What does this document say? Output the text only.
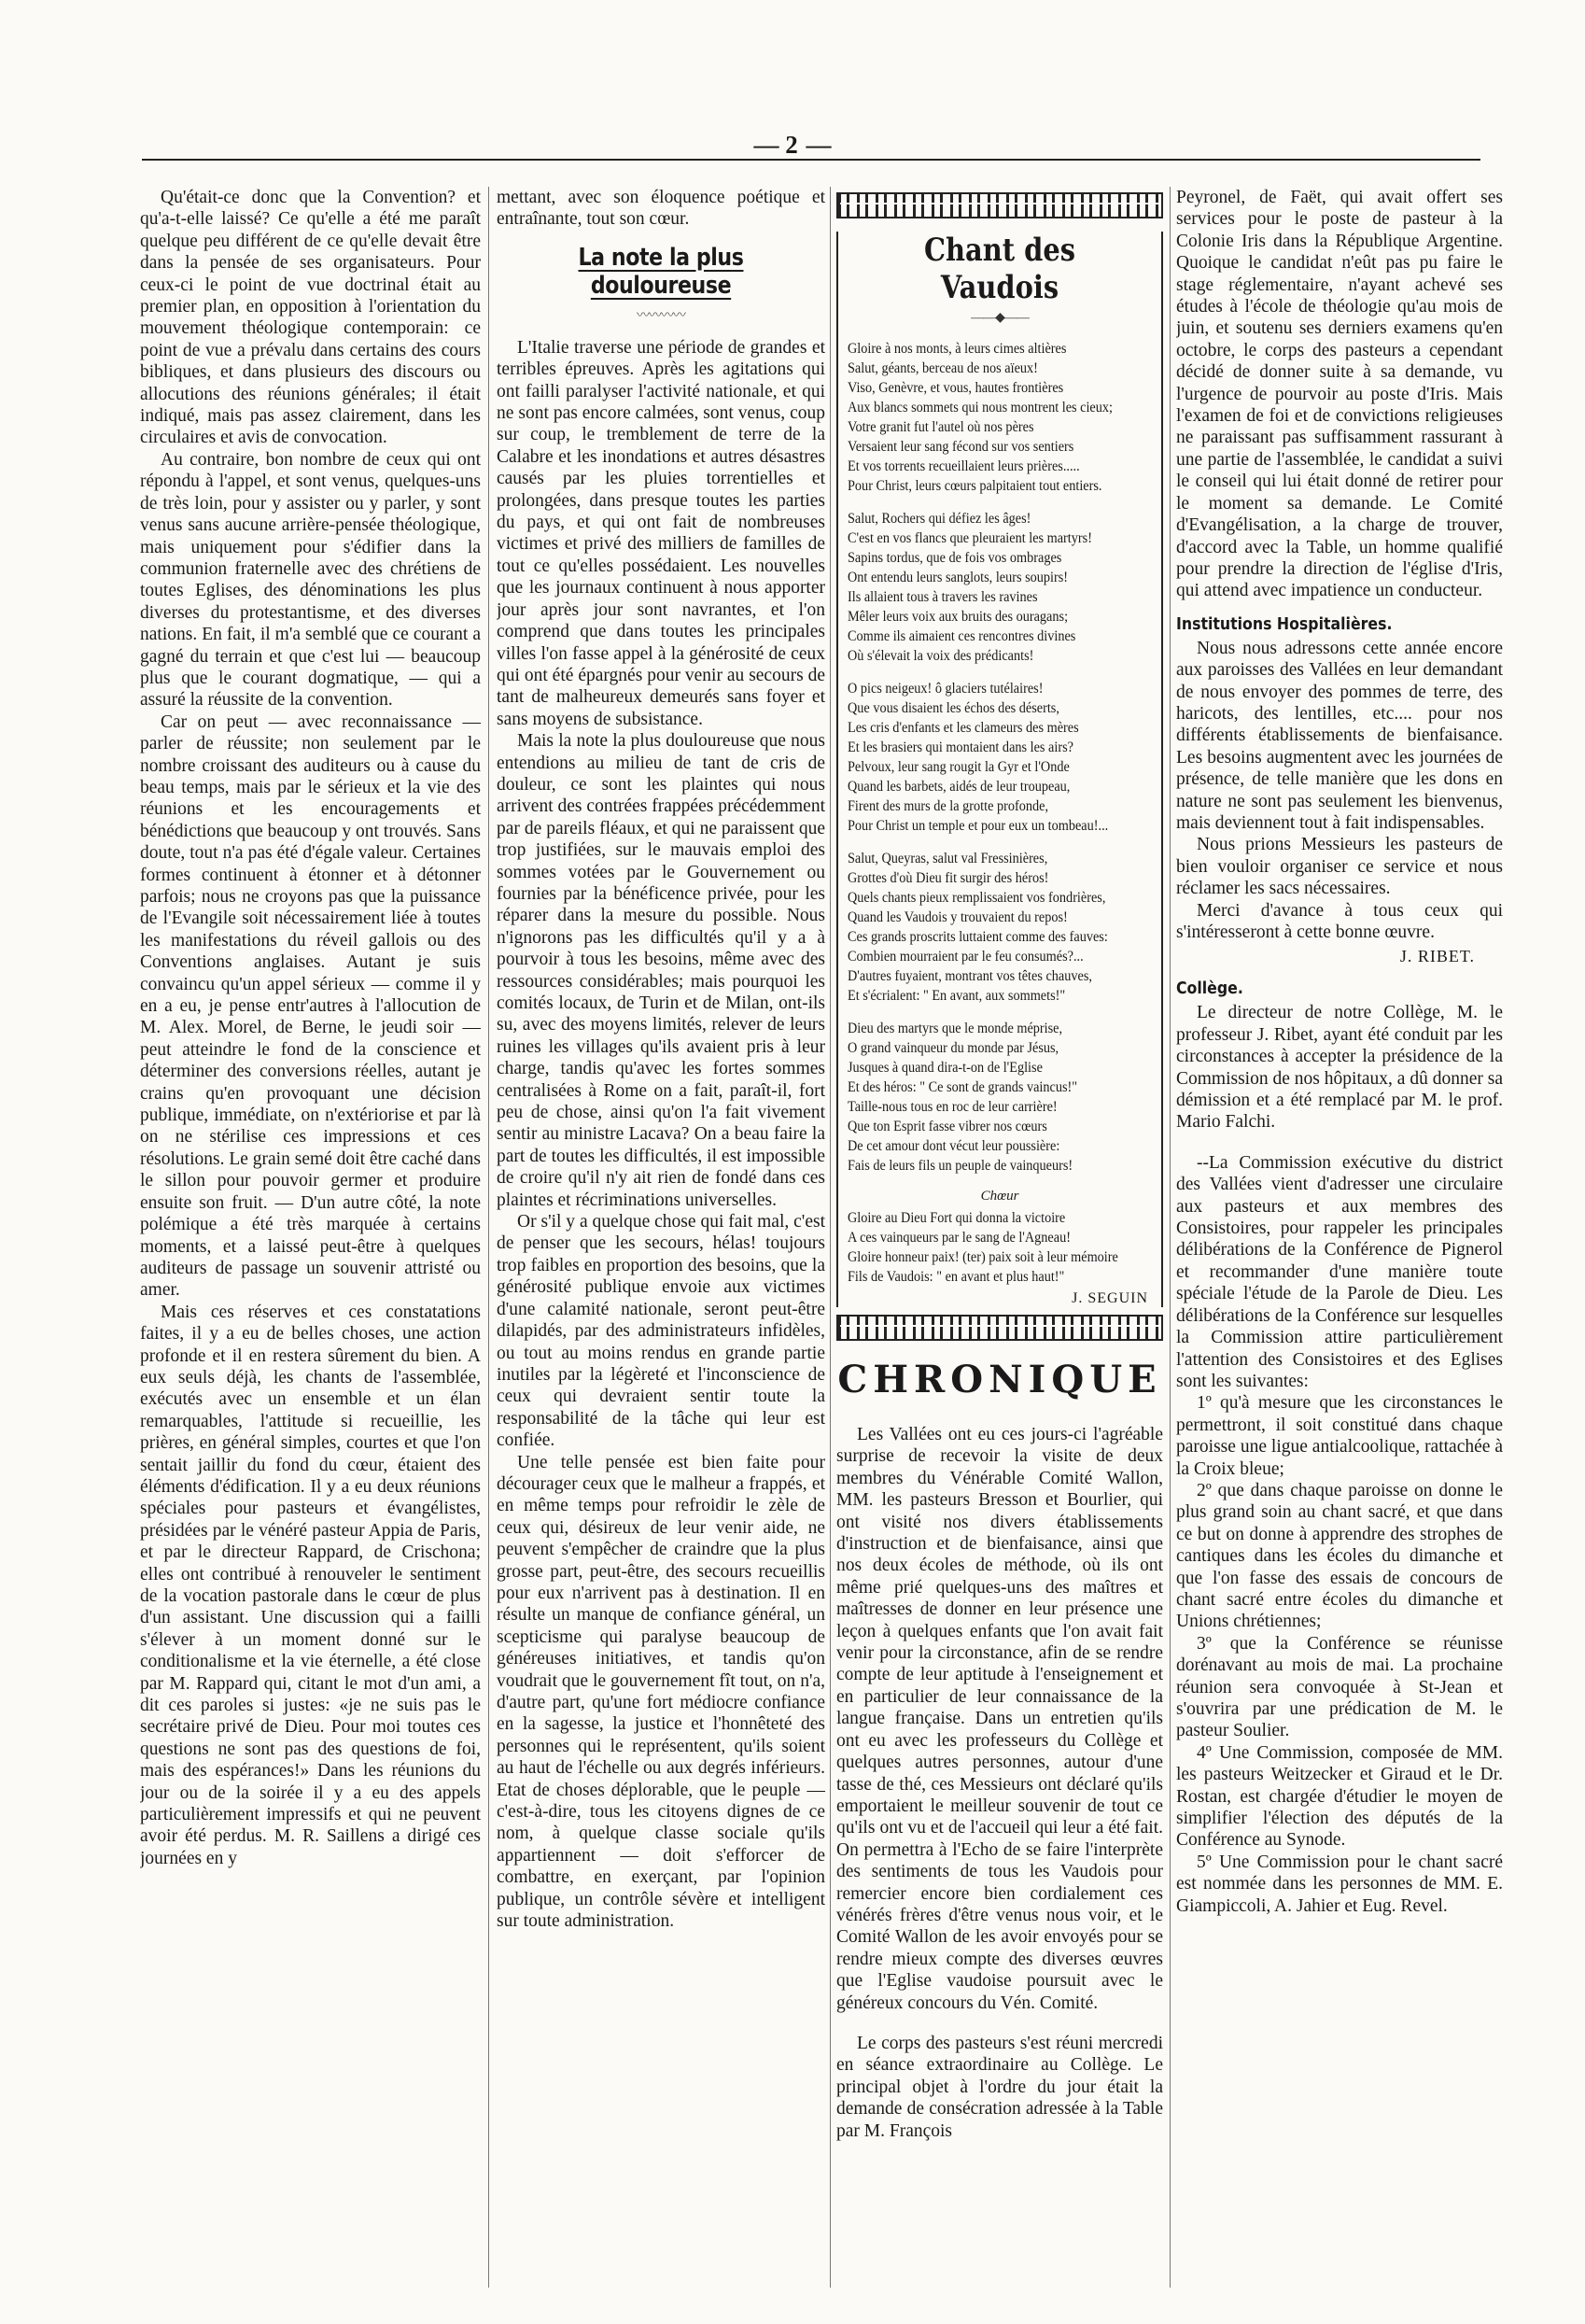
— 2 —

Qu'était-ce donc que la Convention? et qu'a-t-elle laissé? Ce qu'elle a été me paraît quelque peu différent de ce qu'elle devait être dans la pensée de ses organisateurs. Pour ceux-ci le point de vue doctrinal était au premier plan, en opposition à l'orientation du mouvement théologique contemporain: ce point de vue a prévalu dans certains des cours bibliques, et dans plusieurs des discours ou allocutions des réunions générales; il était indiqué, mais pas assez clairement, dans les circulaires et avis de convocation.

Au contraire, bon nombre de ceux qui ont répondu à l'appel, et sont venus, quelques-uns de très loin, pour y assister ou y parler, y sont venus sans aucune arrière-pensée théologique, mais uniquement pour s'édifier dans la communion fraternelle avec des chrétiens de toutes Eglises, des dénominations les plus diverses du protestantisme, et des diverses nations. En fait, il m'a semblé que ce courant a gagné du terrain et que c'est lui — beaucoup plus que le courant dogmatique, — qui a assuré la réussite de la convention.

Car on peut — avec reconnaissance — parler de réussite; non seulement par le nombre croissant des auditeurs ou à cause du beau temps, mais par le sérieux et la vie des réunions et les encouragements et bénédictions que beaucoup y ont trouvés. Sans doute, tout n'a pas été d'égale valeur. Certaines formes continuent à étonner et à détonner parfois; nous ne croyons pas que la puissance de l'Evangile soit nécessairement liée à toutes les manifestations du réveil gallois ou des Conventions anglaises. Autant je suis convaincu qu'un appel sérieux — comme il y en a eu, je pense entr'autres à l'allocution de M. Alex. Morel, de Berne, le jeudi soir — peut atteindre le fond de la conscience et déterminer des conversions réelles, autant je crains qu'en provoquant une décision publique, immédiate, on n'extériorise et par là on ne stérilise ces impressions et ces résolutions. Le grain semé doit être caché dans le sillon pour pouvoir germer et produire ensuite son fruit. — D'un autre côté, la note polémique a été très marquée à certains moments, et a laissé peut-être à quelques auditeurs de passage un souvenir attristé ou amer.

Mais ces réserves et ces constatations faites, il y a eu de belles choses, une action profonde et il en restera sûrement du bien. A eux seuls déjà, les chants de l'assemblée, exécutés avec un ensemble et un élan remarquables, l'attitude si recueillie, les prières, en général simples, courtes et que l'on sentait jaillir du fond du cœur, étaient des éléments d'édification. Il y a eu deux réunions spéciales pour pasteurs et évangélistes, présidées par le vénéré pasteur Appia de Paris, et par le directeur Rappard, de Crischona; elles ont contribué à renouveler le sentiment de la vocation pastorale dans le cœur de plus d'un assistant. Une discussion qui a failli s'élever à un moment donné sur le conditionalisme et la vie éternelle, a été close par M. Rappard qui, citant le mot d'un ami, a dit ces paroles si justes: «je ne suis pas le secrétaire privé de Dieu. Pour moi toutes ces questions ne sont pas des questions de foi, mais des espérances!» Dans les réunions du jour ou de la soirée il y a eu des appels particulièrement impressifs et qui ne peuvent avoir été perdus. M. R. Saillens a dirigé ces journées en y

mettant, avec son éloquence poétique et entraînante, tout son cœur.

La note la plus douloureuse
〰〰〰〰

L'Italie traverse une période de grandes et terribles épreuves. Après les agitations qui ont failli paralyser l'activité nationale, et qui ne sont pas encore calmées, sont venus, coup sur coup, le tremblement de terre de la Calabre et les inondations et autres désastres causés par les pluies torrentielles et prolongées, dans presque toutes les parties du pays, et qui ont fait de nombreuses victimes et privé des milliers de familles de tout ce qu'elles possédaient. Les nouvelles que les journaux continuent à nous apporter jour après jour sont navrantes, et l'on comprend que dans toutes les principales villes l'on fasse appel à la générosité de ceux qui ont été épargnés pour venir au secours de tant de malheureux demeurés sans foyer et sans moyens de subsistance.

Mais la note la plus douloureuse que nous entendions au milieu de tant de cris de douleur, ce sont les plaintes qui nous arrivent des contrées frappées précédemment par de pareils fléaux, et qui ne paraissent que trop justifiées, sur le mauvais emploi des sommes votées par le Gouvernement ou fournies par la bénéficence privée, pour les réparer dans la mesure du possible. Nous n'ignorons pas les difficultés qu'il y a à pourvoir à tous les besoins, même avec des ressources considérables; mais pourquoi les comités locaux, de Turin et de Milan, ont-ils su, avec des moyens limités, relever de leurs ruines les villages qu'ils avaient pris à leur charge, tandis qu'avec les fortes sommes centralisées à Rome on a fait, paraît-il, fort peu de chose, ainsi qu'on l'a fait vivement sentir au ministre Lacava? On a beau faire la part de toutes les difficultés, il est impossible de croire qu'il n'y ait rien de fondé dans ces plaintes et récriminations universelles.

Or s'il y a quelque chose qui fait mal, c'est de penser que les secours, hélas! toujours trop faibles en proportion des besoins, que la générosité publique envoie aux victimes d'une calamité nationale, seront peut-être dilapidés, par des administrateurs infidèles, ou tout au moins rendus en grande partie inutiles par la légèreté et l'inconscience de ceux qui devraient sentir toute la responsabilité de la tâche qui leur est confiée.

Une telle pensée est bien faite pour décourager ceux que le malheur a frappés, et en même temps pour refroidir le zèle de ceux qui, désireux de leur venir aide, ne peuvent s'empêcher de craindre que la plus grosse part, peut-être, des secours recueillis pour eux n'arrivent pas à destination. Il en résulte un manque de confiance général, un scepticisme qui paralyse beaucoup de généreuses initiatives, et tandis qu'on voudrait que le gouvernement fît tout, on n'a, d'autre part, qu'une fort médiocre confiance en la sagesse, la justice et l'honnêteté des personnes qui le représentent, qu'ils soient au haut de l'échelle ou aux degrés inférieurs. Etat de choses déplorable, que le peuple — c'est-à-dire, tous les citoyens dignes de ce nom, à quelque classe sociale qu'ils appartiennent — doit s'efforcer de combattre, en exerçant, par l'opinion publique, un contrôle sévère et intelligent sur toute administration.

Chant des Vaudois
——◆——
Gloire à nos monts, à leurs cimes altières
Salut, géants, berceau de nos aïeux!
Viso, Genèvre, et vous, hautes frontières
Aux blancs sommets qui nous montrent les cieux;
Votre granit fut l'autel où nos pères
Versaient leur sang fécond sur vos sentiers
Et vos torrents recueillaient leurs prières.....
Pour Christ, leurs cœurs palpitaient tout entiers.
Salut, Rochers qui défiez les âges!
C'est en vos flancs que pleuraient les martyrs!
Sapins tordus, que de fois vos ombrages
Ont entendu leurs sanglots, leurs soupirs!
Ils allaient tous à travers les ravines
Mêler leurs voix aux bruits des ouragans;
Comme ils aimaient ces rencontres divines
Où s'élevait la voix des prédicants!
O pics neigeux! ô glaciers tutélaires!
Que vous disaient les échos des déserts,
Les cris d'enfants et les clameurs des mères
Et les brasiers qui montaient dans les airs?
Pelvoux, leur sang rougit la Gyr et l'Onde
Quand les barbets, aidés de leur troupeau,
Firent des murs de la grotte profonde,
Pour Christ un temple et pour eux un tombeau!...
Salut, Queyras, salut val Fressinières,
Grottes d'où Dieu fit surgir des héros!
Quels chants pieux remplissaient vos fondrières,
Quand les Vaudois y trouvaient du repos!
Ces grands proscrits luttaient comme des fauves:
Combien mourraient par le feu consumés?...
D'autres fuyaient, montrant vos têtes chauves,
Et s'écrialent: " En avant, aux sommets!"
Dieu des martyrs que le monde méprise,
O grand vainqueur du monde par Jésus,
Jusques à quand dira-t-on de l'Eglise
Et des héros: " Ce sont de grands vaincus!"
Taille-nous tous en roc de leur carrière!
Que ton Esprit fasse vibrer nos cœurs
De cet amour dont vécut leur poussière:
Fais de leurs fils un peuple de vainqueurs!
Chœur
Gloire au Dieu Fort qui donna la victoire
A ces vainqueurs par le sang de l'Agneau!
Gloire honneur paix! (ter) paix soit à leur mémoire
Fils de Vaudois: " en avant et plus haut!"
J. SEGUIN
CHRONIQUE

Les Vallées ont eu ces jours-ci l'agréable surprise de recevoir la visite de deux membres du Vénérable Comité Wallon, MM. les pasteurs Bresson et Bourlier, qui ont visité nos divers établissements d'instruction et de bienfaisance, ainsi que nos deux écoles de méthode, où ils ont même prié quelques-uns des maîtres et maîtresses de donner en leur présence une leçon à quelques enfants que l'on avait fait venir pour la circonstance, afin de se rendre compte de leur aptitude à l'enseignement et en particulier de leur connaissance de la langue française. Dans un entretien qu'ils ont eu avec les professeurs du Collège et quelques autres personnes, autour d'une tasse de thé, ces Messieurs ont déclaré qu'ils emportaient le meilleur souvenir de tout ce qu'ils ont vu et de l'accueil qui leur a été fait. On permettra à l'Echo de se faire l'interprète des sentiments de tous les Vaudois pour remercier encore bien cordialement ces vénérés frères d'être venus nous voir, et le Comité Wallon de les avoir envoyés pour se rendre mieux compte des diverses œuvres que l'Eglise vaudoise poursuit avec le généreux concours du Vén. Comité.

Le corps des pasteurs s'est réuni mercredi en séance extraordinaire au Collège. Le principal objet à l'ordre du jour était la demande de consécration adressée à la Table par M. François

Peyronel, de Faët, qui avait offert ses services pour le poste de pasteur à la Colonie Iris dans la République Argentine. Quoique le candidat n'eût pas pu faire le stage réglementaire, n'ayant achevé ses études à l'école de théologie qu'au mois de juin, et soutenu ses derniers examens qu'en octobre, le corps des pasteurs a cependant décidé de donner suite à sa demande, vu l'urgence de pourvoir au poste d'Iris. Mais l'examen de foi et de convictions religieuses ne paraissant pas suffisamment rassurant à une partie de l'assemblée, le candidat a suivi le conseil qui lui était donné de retirer pour le moment sa demande. Le Comité d'Evangélisation, a la charge de trouver, d'accord avec la Table, un homme qualifié pour prendre la direction de l'église d'Iris, qui attend avec impatience un conducteur.

Institutions Hospitalières.

Nous nous adressons cette année encore aux paroisses des Vallées en leur demandant de nous envoyer des pommes de terre, des haricots, des lentilles, etc.... pour nos différents établissements de bienfaisance. Les besoins augmentent avec les journées de présence, de telle manière que les dons en nature ne sont pas seulement les bienvenus, mais deviennent tout à fait indispensables.

Nous prions Messieurs les pasteurs de bien vouloir organiser ce service et nous réclamer les sacs nécessaires.

Merci d'avance à tous ceux qui s'intéresseront à cette bonne œuvre.

J. RIBET.
Collège.

Le directeur de notre Collège, M. le professeur J. Ribet, ayant été conduit par les circonstances à accepter la présidence de la Commission de nos hôpitaux, a dû donner sa démission et a été remplacé par M. le prof. Mario Falchi.

--La Commission exécutive du district des Vallées vient d'adresser une circulaire aux pasteurs et aux membres des Consistoires, pour rappeler les principales délibérations de la Conférence de Pignerol et recommander d'une manière toute spéciale l'étude de la Parole de Dieu. Les délibérations de la Conférence sur lesquelles la Commission attire particulièrement l'attention des Consistoires et des Eglises sont les suivantes:

1º qu'à mesure que les circonstances le permettront, il soit constitué dans chaque paroisse une ligue antialcoolique, rattachée à la Croix bleue;

2º que dans chaque paroisse on donne le plus grand soin au chant sacré, et que dans ce but on donne à apprendre des strophes de cantiques dans les écoles du dimanche et que l'on fasse des essais de concours de chant sacré entre écoles du dimanche et Unions chrétiennes;

3º que la Conférence se réunisse dorénavant au mois de mai. La prochaine réunion sera convoquée à St-Jean et s'ouvrira par une prédication de M. le pasteur Soulier.

4º Une Commission, composée de MM. les pasteurs Weitzecker et Giraud et le Dr. Rostan, est chargée d'étudier le moyen de simplifier l'élection des députés de la Conférence au Synode.

5º Une Commission pour le chant sacré est nommée dans les personnes de MM. E. Giampiccoli, A. Jahier et Eug. Revel.
